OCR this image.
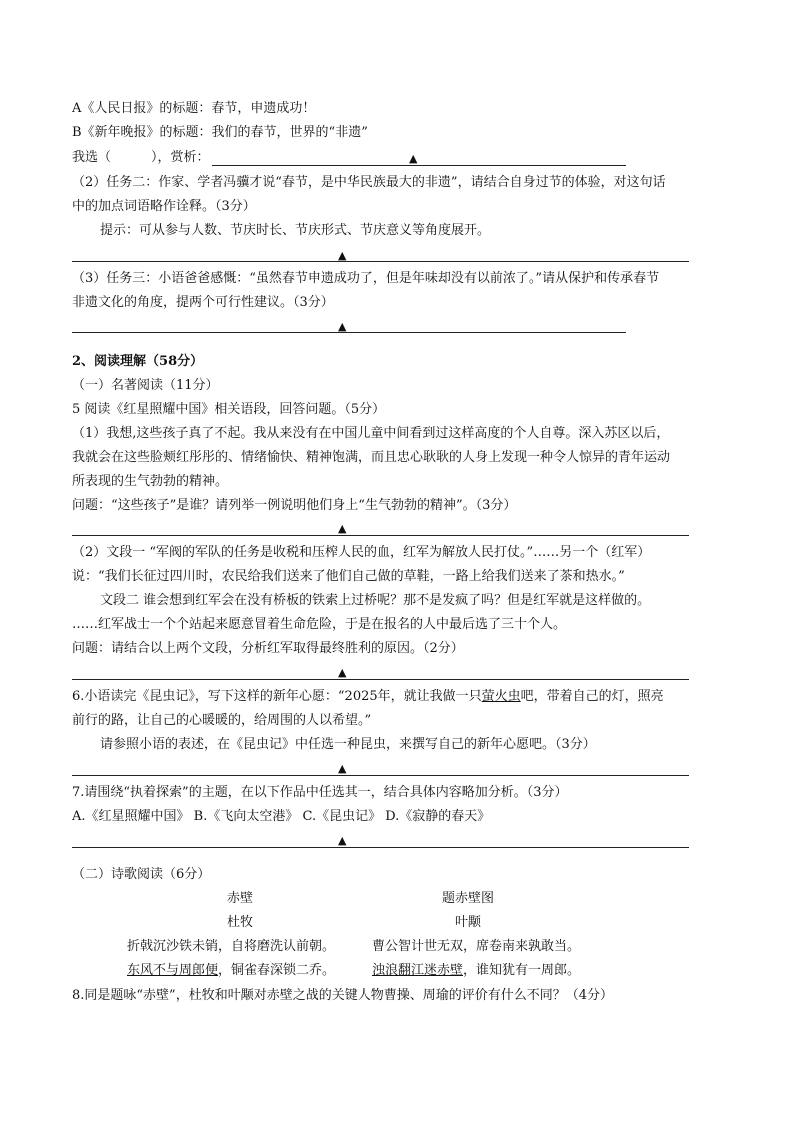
A《人民日报》的标题：春节，申遗成功！
B《新年晚报》的标题：我们的春节，世界的“非遗”
我选（	），赏析：	▲
（2）任务二：作家、学者冯骥才说“春节，是中华民族最大的非遗”，请结合自身过节的体验，对这句话
中的加点词语略作诠释。（3分）
提示：可从参与人数、节庆时长、节庆形式、节庆意义等角度展开。
▲
（3）任务三：小语爸爸感慨：“虽然春节申遗成功了，但是年味却没有以前浓了。”请从保护和传承春节
非遗文化的角度，提两个可行性建议。（3分）
▲
2、阅读理解（58分）
（一）名著阅读（11分）
5 阅读《红星照耀中国》相关语段，回答问题。（5分）
（1）我想,这些孩子真了不起。我从来没有在中国儿童中间看到过这样高度的个人自尊。深入苏区以后，
我就会在这些脸颊红彤彤的、情绪愉快、精神饱满，而且忠心耿耿的人身上发现一种令人惊异的青年运动
所表现的生气勃勃的精神。
问题：“这些孩子”是谁？请列举一例说明他们身上“生气勃勃的精神”。（3分）
▲
（2）文段一 “军阀的军队的任务是收税和压榨人民的血，红军为解放人民打仗。”……另一个（红军）
说：“我们长征过四川时，农民给我们送来了他们自己做的草鞋，一路上给我们送来了茶和热水。”
文段二 谁会想到红军会在没有桥板的铁索上过桥呢？那不是发疯了吗？但是红军就是这样做的。
……红军战士一个个站起来愿意冒着生命危险，于是在报名的人中最后选了三十个人。
问题：请结合以上两个文段，分析红军取得最终胜利的原因。（2分）
▲
6.小语读完《昆虫记》，写下这样的新年心愿：“2025年，就让我做一只萤火虫吧，带着自己的灯，照亮
前行的路，让自己的心暖暖的，给周围的人以希望。”
请参照小语的表述，在《昆虫记》中任选一种昆虫，来撰写自己的新年心愿吧。（3分）
▲
7.请围绕“执着探索”的主题，在以下作品中任选其一，结合具体内容略加分析。（3分）
A.《红星照耀中国》 B.《飞向太空港》 C.《昆虫记》 D.《寂静的春天》
▲
（二）诗歌阅读（6分）
赤壁
杜牧
折戟沉沙铁未销，自将磨洗认前朝。
东风不与周郎便，铜雀春深锁二乔。
题赤壁图
叶颙
曹公智计世无双，席卷南来孰敢当。
浊浪翻江迷赤壁，谁知犹有一周郎。
8.同是题咏“赤壁”，杜牧和叶颙对赤壁之战的关键人物曹操、周瑜的评价有什么不同？（4分）
